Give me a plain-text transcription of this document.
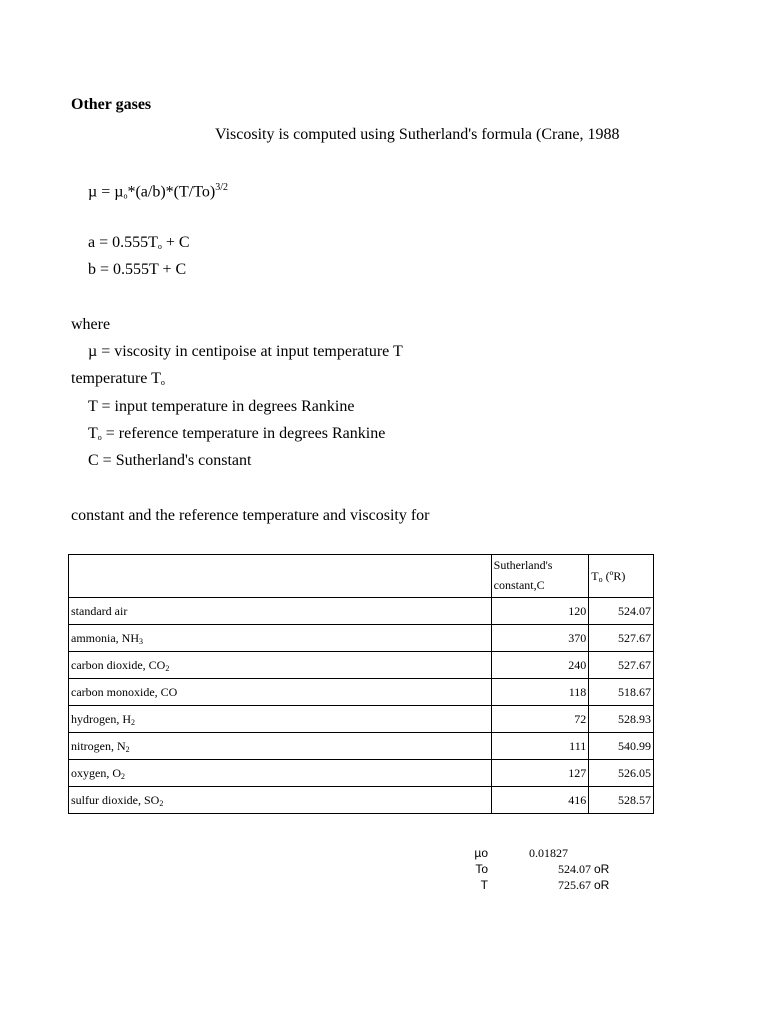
Other gases
Viscosity is computed using Sutherland's formula (Crane, 1988
$\mu = \mu_o*(a/b)*(T/To)^{3/2}$
$a = 0.555T_o + C$
b = 0.555T + C
where
µ = viscosity in centipoise at input temperature T
temperature $T_o$
T = input temperature in degrees Rankine
$T_o$ = reference temperature in degrees Rankine
C = Sutherland's constant
constant and the reference temperature and viscosity for

	Sutherland's
constant,C	$T_o$ (ºR)
standard air	120	524.07
ammonia, $NH_3$	370	527.67
carbon dioxide, $CO_2$	240	527.67
carbon monoxide, CO	118	518.67
hydrogen, $H_2$	72	528.93
nitrogen, $N_2$	111	540.99
oxygen, $O_2$	127	526.05
sulfur dioxide, $SO_2$	416	528.57
µo	0.01827
To	524.07 oR
T	725.67 oR
